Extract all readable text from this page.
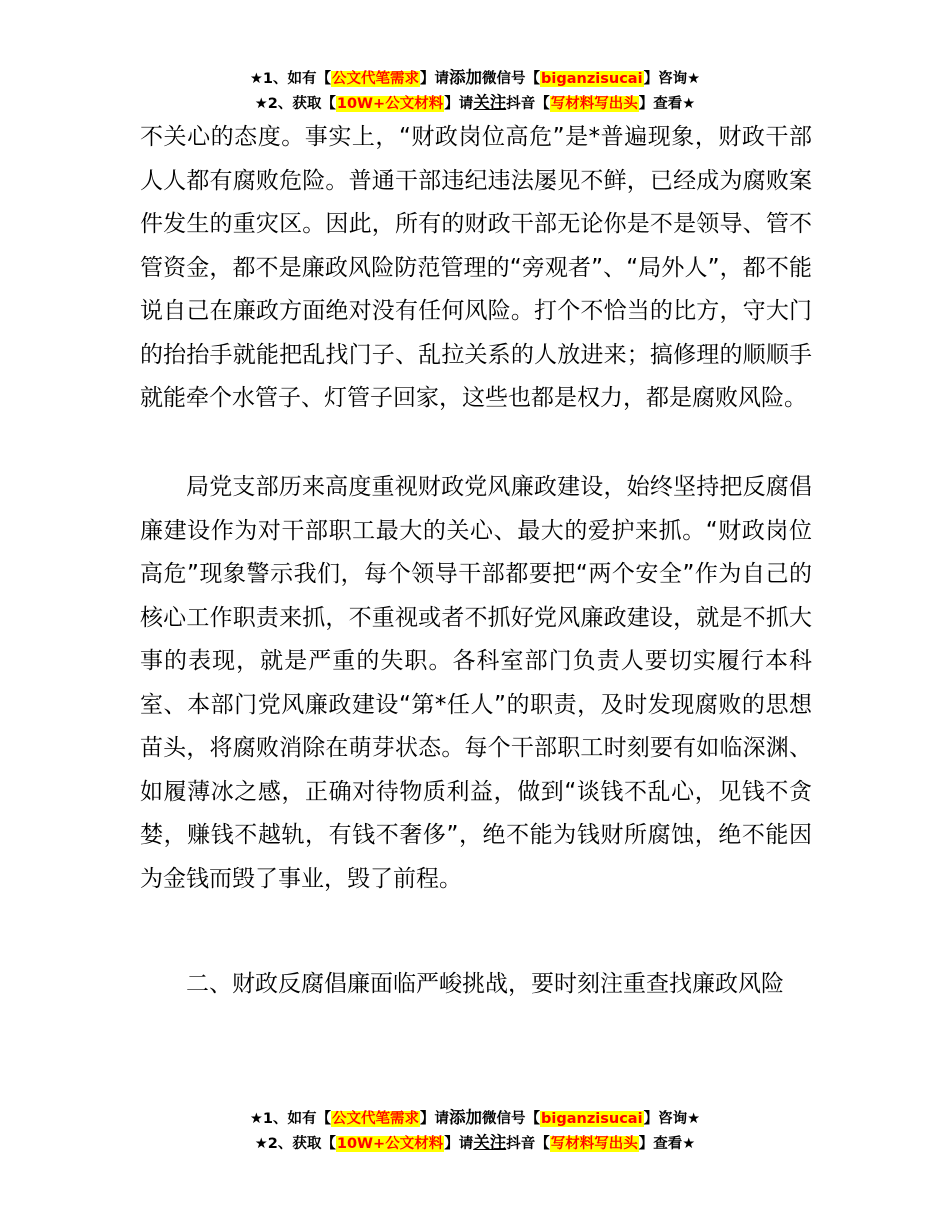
★1、如有【公文代笔需求】请添加微信号【biganzisucai】咨询★
★2、获取【10W+公文材料】请关注抖音【写材料写出头】查看★

不关心的态度。事实上，“财政岗位高危”是*普遍现象，财政干部人人都有腐败危险。普通干部违纪违法屡见不鲜，已经成为腐败案件发生的重灾区。因此，所有的财政干部无论你是不是领导、管不管资金，都不是廉政风险防范管理的“旁观者”、“局外人”，都不能说自己在廉政方面绝对没有任何风险。打个不恰当的比方，守大门的抬抬手就能把乱找门子、乱拉关系的人放进来；搞修理的顺顺手就能牵个水管子、灯管子回家，这些也都是权力，都是腐败风险。

局党支部历来高度重视财政党风廉政建设，始终坚持把反腐倡廉建设作为对干部职工最大的关心、最大的爱护来抓。“财政岗位高危”现象警示我们，每个领导干部都要把“两个安全”作为自己的核心工作职责来抓，不重视或者不抓好党风廉政建设，就是不抓大事的表现，就是严重的失职。各科室部门负责人要切实履行本科室、本部门党风廉政建设“第*任人”的职责，及时发现腐败的思想苗头，将腐败消除在萌芽状态。每个干部职工时刻要有如临深渊、如履薄冰之感，正确对待物质利益，做到“谈钱不乱心，见钱不贪婪，赚钱不越轨，有钱不奢侈”，绝不能为钱财所腐蚀，绝不能因为金钱而毁了事业，毁了前程。

二、财政反腐倡廉面临严峻挑战，要时刻注重查找廉政风险

★1、如有【公文代笔需求】请添加微信号【biganzisucai】咨询★
★2、获取【10W+公文材料】请关注抖音【写材料写出头】查看★
